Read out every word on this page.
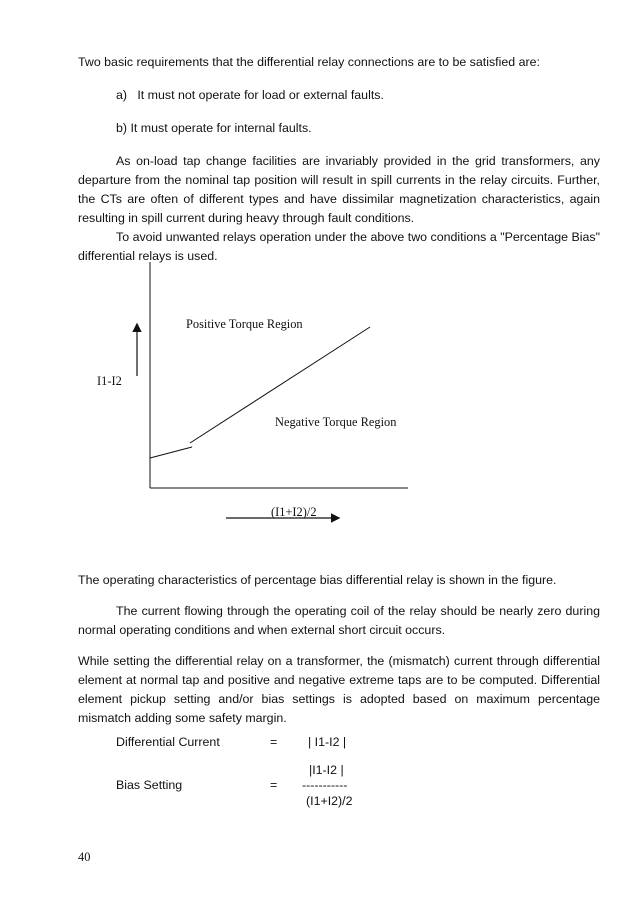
Two basic requirements that the differential relay connections are to be satisfied are:

a)   It must not operate for load or external faults.

b) It must operate for internal faults.

As on-load tap change facilities are invariably provided in the grid transformers, any departure from the nominal tap position will result in spill currents in the relay circuits. Further, the CTs are often of different types and have dissimilar magnetization characteristics, again resulting in spill current during heavy through fault conditions.

To avoid unwanted relays operation under the above two conditions a "Percentage Bias" differential relays is used.

Positive Torque Region
Negative Torque Region
I1-I2
(I1+I2)/2

The operating characteristics of percentage bias differential relay is shown in the figure.

The current flowing through the operating coil of the relay should be nearly zero during normal operating conditions and when external short circuit occurs.

While setting the differential relay on a transformer, the (mismatch) current through differential element at normal tap and positive and negative extreme taps are to be computed. Differential element pickup setting and/or bias settings is adopted based on maximum percentage mismatch adding some safety margin.

Differential Current	= | I1-I2 |
|I1-I2 |
Bias Setting	= -----------
(I1+I2)/2
40
